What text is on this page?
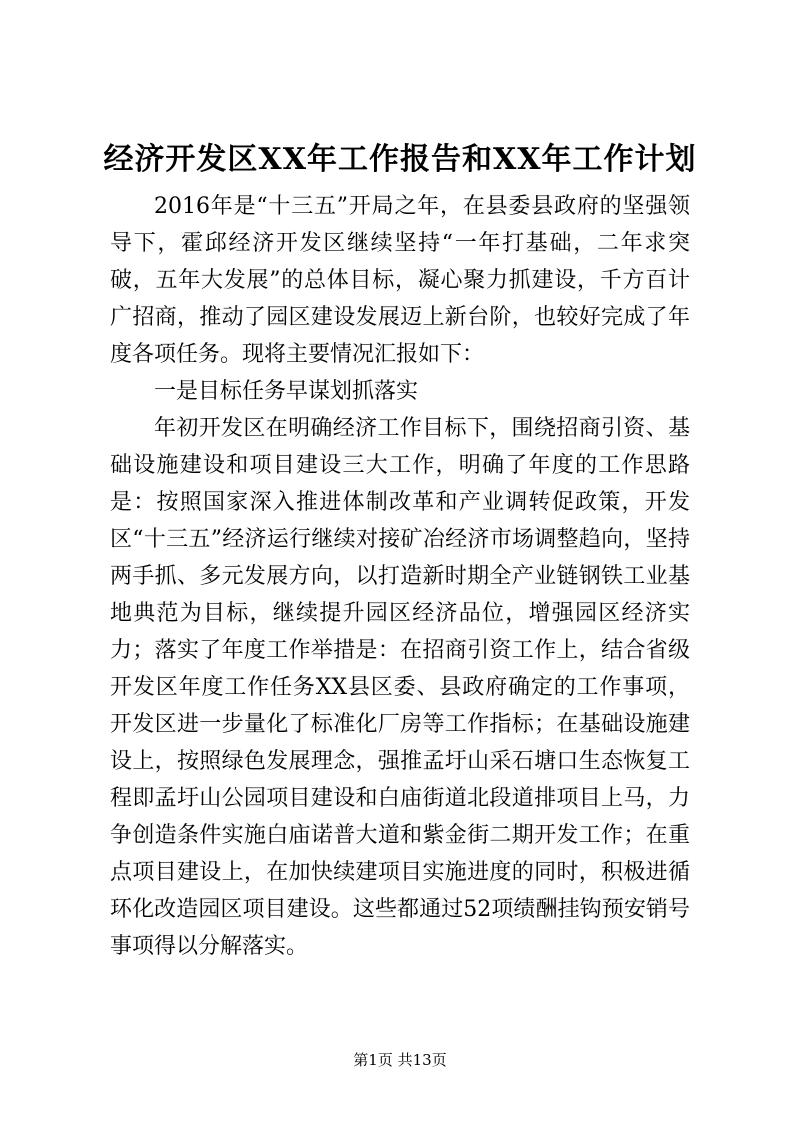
经济开发区XX年工作报告和XX年工作计划

2016年是“十三五”开局之年，在县委县政府的坚强领导下，霍邱经济开发区继续坚持“一年打基础，二年求突破，五年大发展”的总体目标，凝心聚力抓建设，千方百计广招商，推动了园区建设发展迈上新台阶，也较好完成了年度各项任务。现将主要情况汇报如下：

一是目标任务早谋划抓落实

年初开发区在明确经济工作目标下，围绕招商引资、基础设施建设和项目建设三大工作，明确了年度的工作思路是：按照国家深入推进体制改革和产业调转促政策，开发区“十三五”经济运行继续对接矿冶经济市场调整趋向，坚持两手抓、多元发展方向，以打造新时期全产业链钢铁工业基地典范为目标，继续提升园区经济品位，增强园区经济实力；落实了年度工作举措是：在招商引资工作上，结合省级开发区年度工作任务XX县区委、县政府确定的工作事项，开发区进一步量化了标准化厂房等工作指标；在基础设施建设上，按照绿色发展理念，强推孟圩山采石塘口生态恢复工程即孟圩山公园项目建设和白庙街道北段道排项目上马，力争创造条件实施白庙诺普大道和紫金街二期开发工作；在重点项目建设上，在加快续建项目实施进度的同时，积极进循环化改造园区项目建设。这些都通过52项绩酬挂钩预安销号事项得以分解落实。

第1页 共13页
